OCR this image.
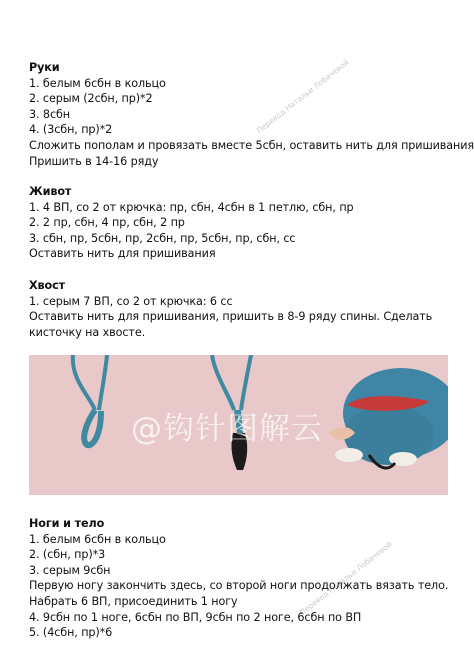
Перевод Натальи Лобачёвой
Перевод Натальи Лобачевой
Руки
1. белым 6сбн в кольцо
2. серым (2сбн, пр)*2
3. 8сбн
4. (3сбн, пр)*2
Сложить пополам и провязать вместе 5сбн, оставить нить для пришивания
Пришить в 14-16 ряду
Живот
1. 4 ВП, со 2 от крючка: пр, сбн, 4сбн в 1 петлю, сбн, пр
2. 2 пр, сбн, 4 пр, сбн, 2 пр
3. сбн, пр, 5сбн, пр, 2сбн, пр, 5сбн, пр, сбн, сс
Оставить нить для пришивания
Хвост
1. серым 7 ВП, со 2 от крючка: 6 сс
Оставить нить для пришивания, пришить в 8-9 ряду спины. Сделать
кисточку на хвосте.
@钩针图解云
Ноги и тело
1. белым 6сбн в кольцо
2. (сбн, пр)*3
3. серым 9сбн
Первую ногу закончить здесь, со второй ноги продолжать вязать тело.
Набрать 6 ВП, присоединить 1 ногу
4. 9сбн по 1 ноге, 6сбн по ВП, 9сбн по 2 ноге, 6сбн по ВП
5. (4сбн, пр)*6
